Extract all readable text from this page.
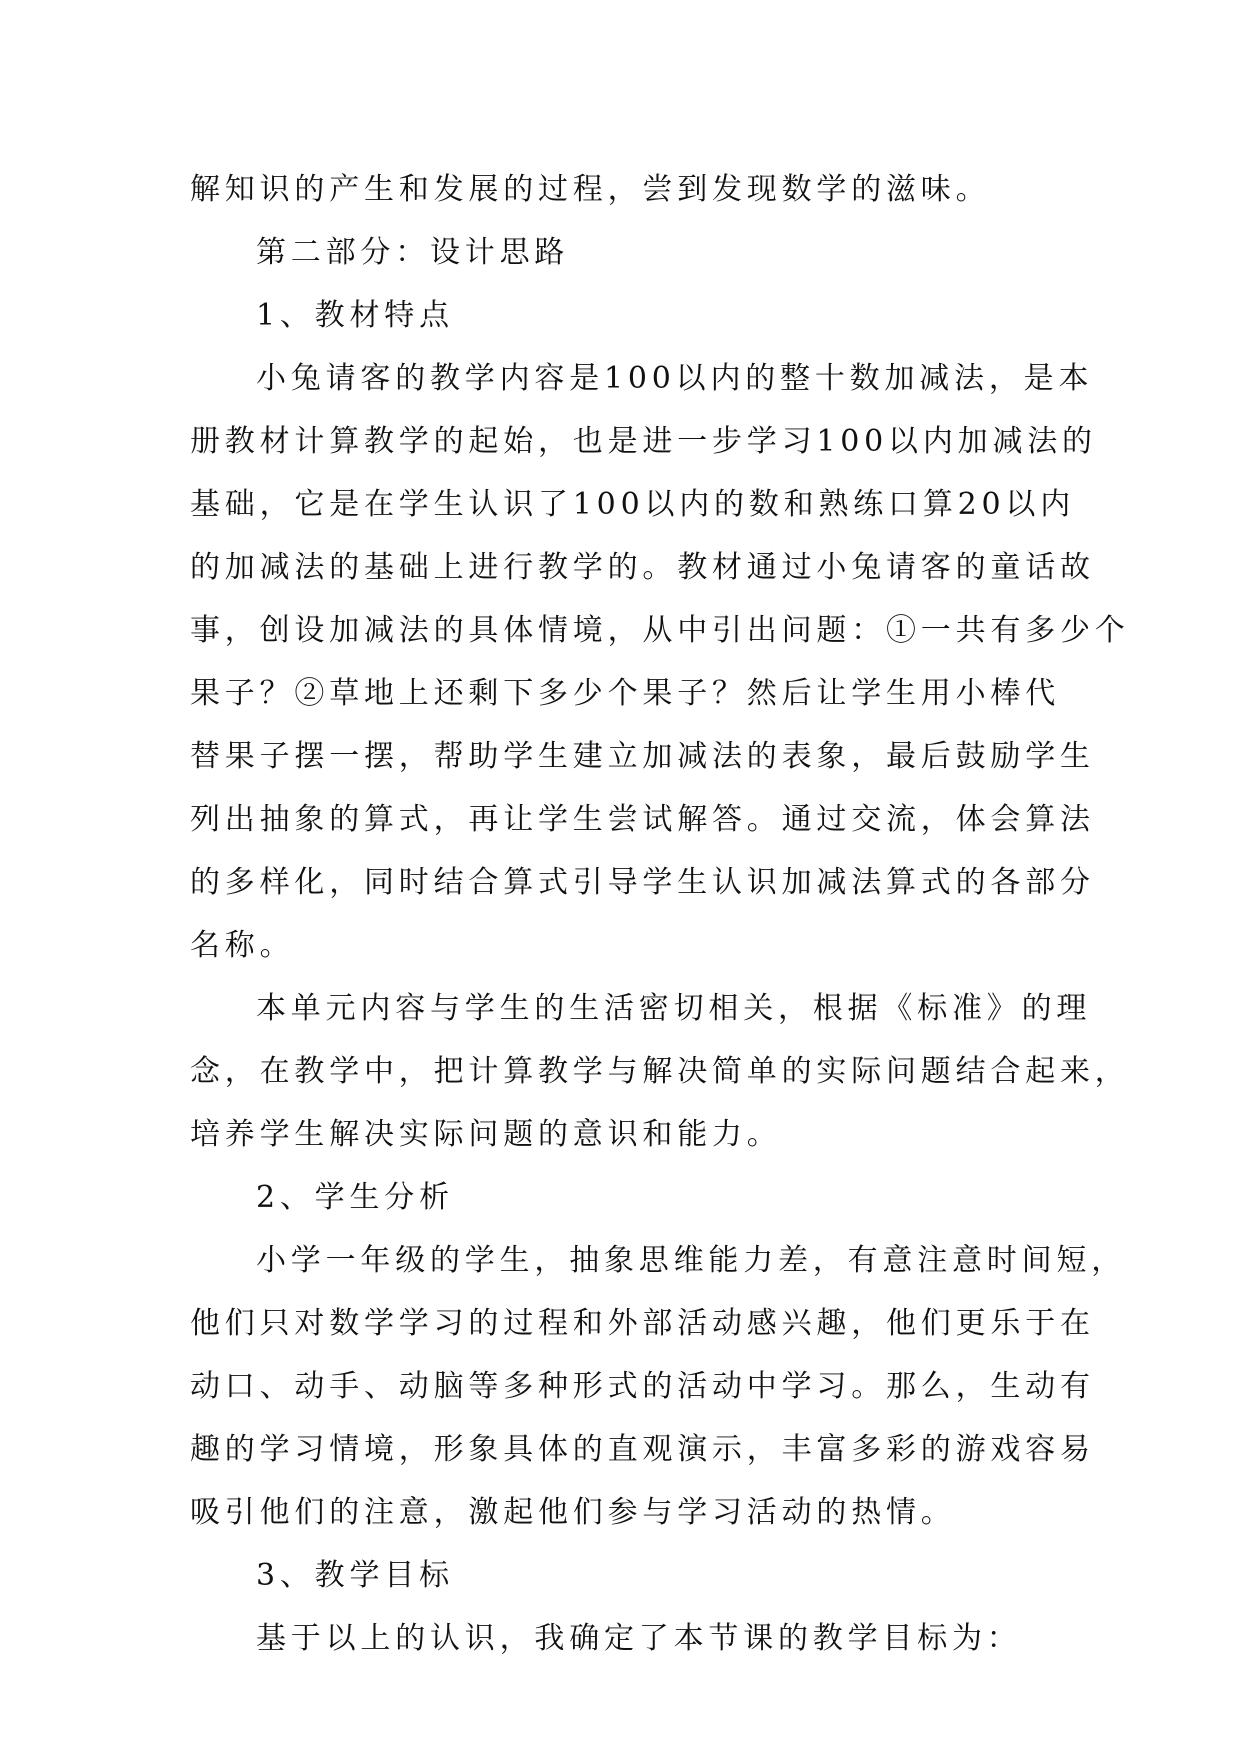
解知识的产生和发展的过程，尝到发现数学的滋味。
第二部分：设计思路
1、教材特点
小兔请客的教学内容是100以内的整十数加减法，是本
册教材计算教学的起始，也是进一步学习100以内加减法的
基础，它是在学生认识了100以内的数和熟练口算20以内
的加减法的基础上进行教学的。教材通过小兔请客的童话故
事，创设加减法的具体情境，从中引出问题：①一共有多少个
果子？②草地上还剩下多少个果子？然后让学生用小棒代
替果子摆一摆，帮助学生建立加减法的表象，最后鼓励学生
列出抽象的算式，再让学生尝试解答。通过交流，体会算法
的多样化，同时结合算式引导学生认识加减法算式的各部分
名称。
本单元内容与学生的生活密切相关，根据《标准》的理
念，在教学中，把计算教学与解决简单的实际问题结合起来，
培养学生解决实际问题的意识和能力。
2、学生分析
小学一年级的学生，抽象思维能力差，有意注意时间短，
他们只对数学学习的过程和外部活动感兴趣，他们更乐于在
动口、动手、动脑等多种形式的活动中学习。那么，生动有
趣的学习情境，形象具体的直观演示，丰富多彩的游戏容易
吸引他们的注意，激起他们参与学习活动的热情。
3、教学目标
基于以上的认识，我确定了本节课的教学目标为：
